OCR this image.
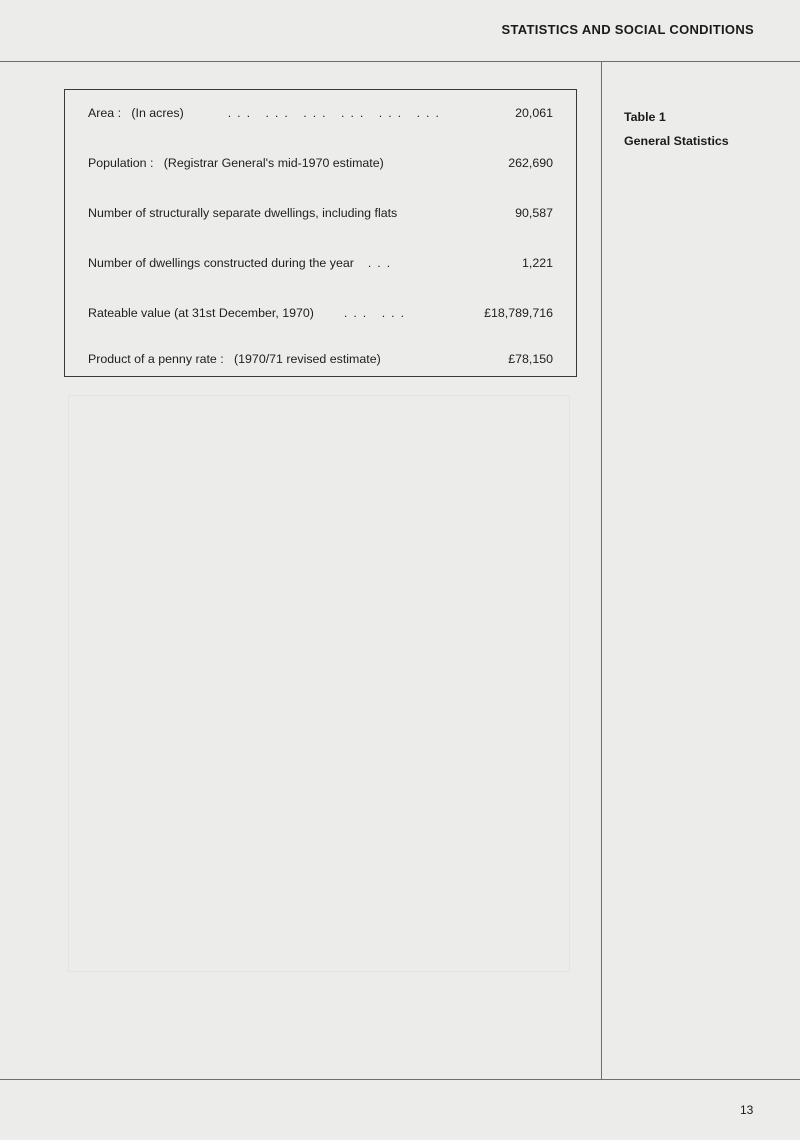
STATISTICS AND SOCIAL CONDITIONS
Area :   (In acres)	... ... ... ... ... ...	20,061
Population :   (Registrar General's mid-1970 estimate)	262,690
Number of structurally separate dwellings, including flats	90,587
Number of dwellings constructed during the year ...	1,221
Rateable value (at 31st December, 1970) ... ...	£18,789,716
Product of a penny rate :   (1970/71 revised estimate)	£78,150
Table 1
General Statistics
13
